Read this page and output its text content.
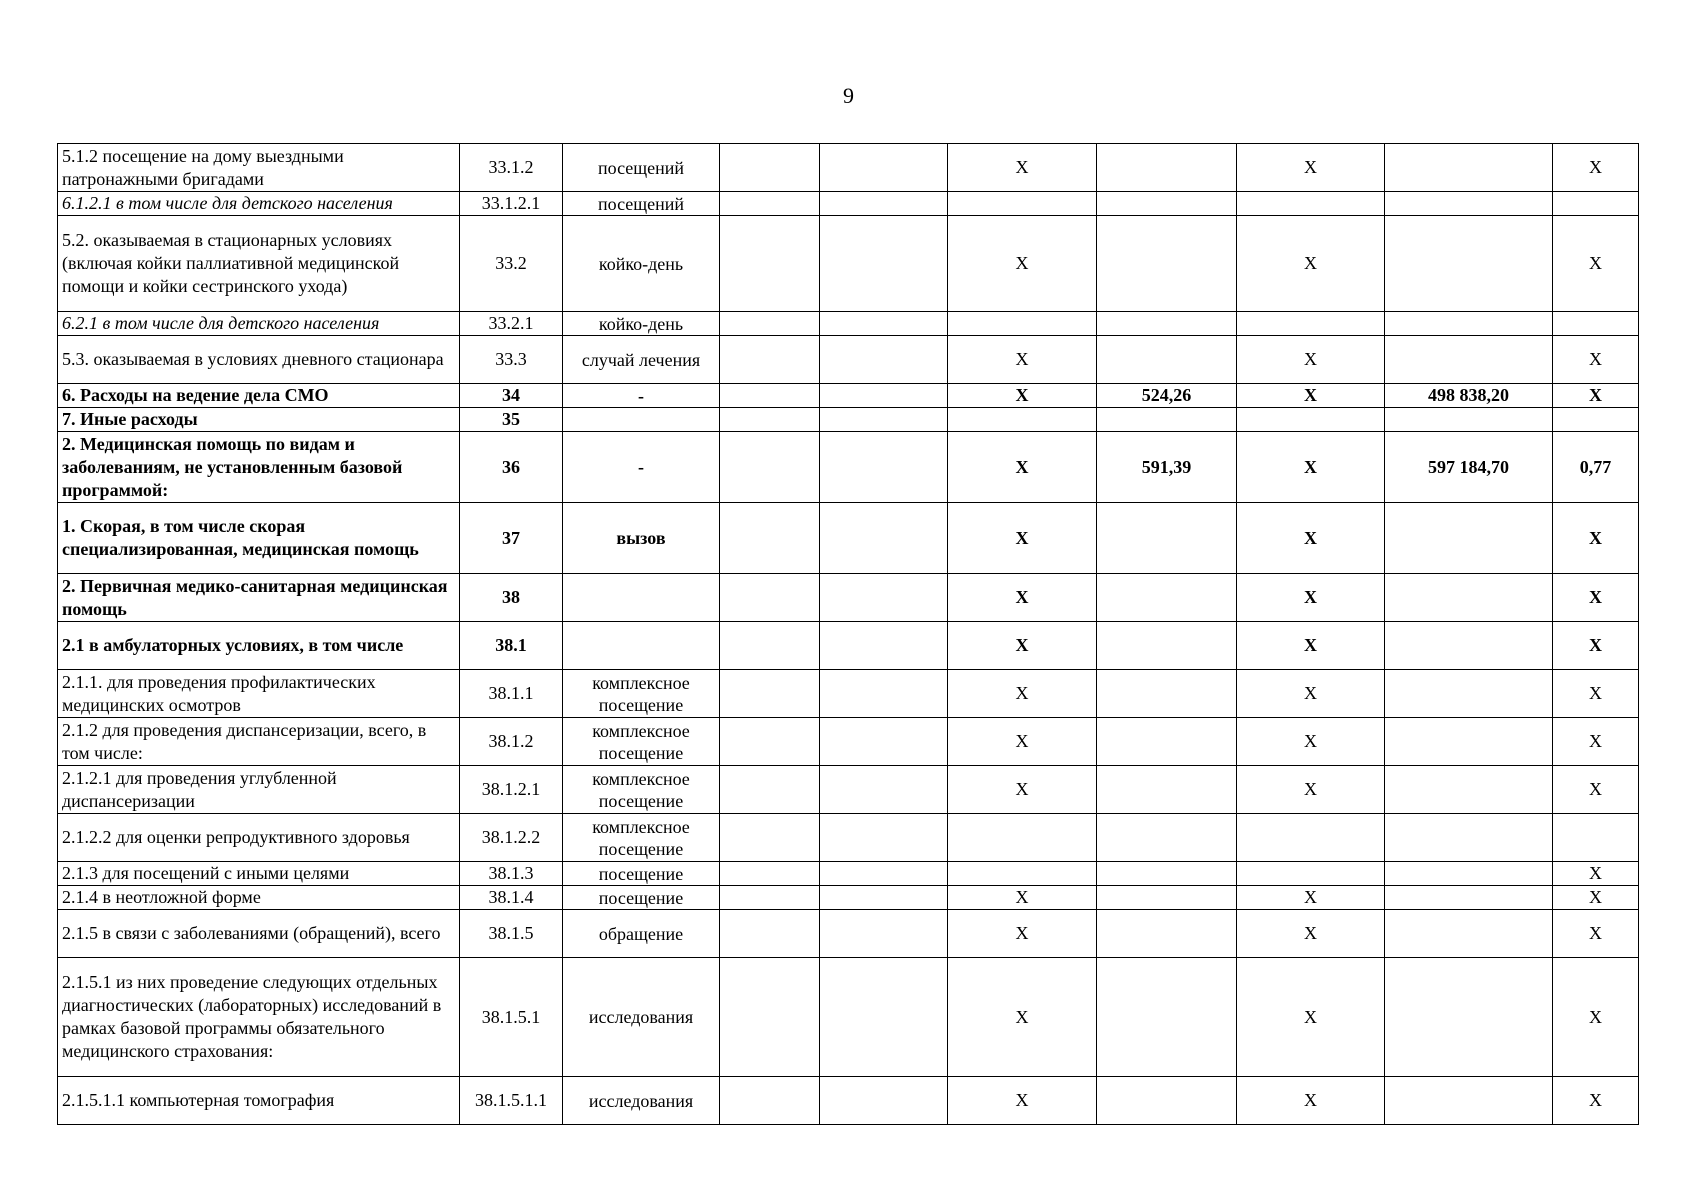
9
5.1.2 посещение на дому выездными патронажными бригадами	33.1.2	посещений			X		X		X
6.1.2.1 в том числе для детского населения	33.1.2.1	посещений							
5.2. оказываемая в стационарных условиях (включая койки паллиативной медицинской помощи и койки сестринского ухода)	33.2	койко-день			X		X		X
6.2.1 в том числе для детского населения	33.2.1	койко-день							
5.3. оказываемая в условиях дневного стационара	33.3	случай лечения			X		X		X
6. Расходы на ведение дела СМО	34	-			X	524,26	X	498 838,20	X
7. Иные расходы	35								
2. Медицинская помощь по видам и заболеваниям, не установленным базовой программой:	36	-			X	591,39	X	597 184,70	0,77
1. Скорая, в том числе скорая специализированная, медицинская помощь	37	вызов			X		X		X
2. Первичная медико-санитарная медицинская помощь	38				X		X		X
2.1 в амбулаторных условиях, в том числе	38.1				X		X		X
2.1.1. для проведения профилактических медицинских осмотров	38.1.1	комплексное посещение			X		X		X
2.1.2 для проведения диспансеризации, всего, в том числе:	38.1.2	комплексное посещение			X		X		X
2.1.2.1 для проведения углубленной диспансеризации	38.1.2.1	комплексное посещение			X		X		X
2.1.2.2 для оценки репродуктивного здоровья	38.1.2.2	комплексное посещение							
2.1.3 для посещений с иными целями	38.1.3	посещение							X
2.1.4 в неотложной форме	38.1.4	посещение			X		X		X
2.1.5 в связи с заболеваниями (обращений), всего	38.1.5	обращение			X		X		X
2.1.5.1 из них проведение следующих отдельных диагностических (лабораторных) исследований в рамках базовой программы обязательного медицинского страхования:	38.1.5.1	исследования			X		X		X
2.1.5.1.1 компьютерная томография	38.1.5.1.1	исследования			X		X		X
